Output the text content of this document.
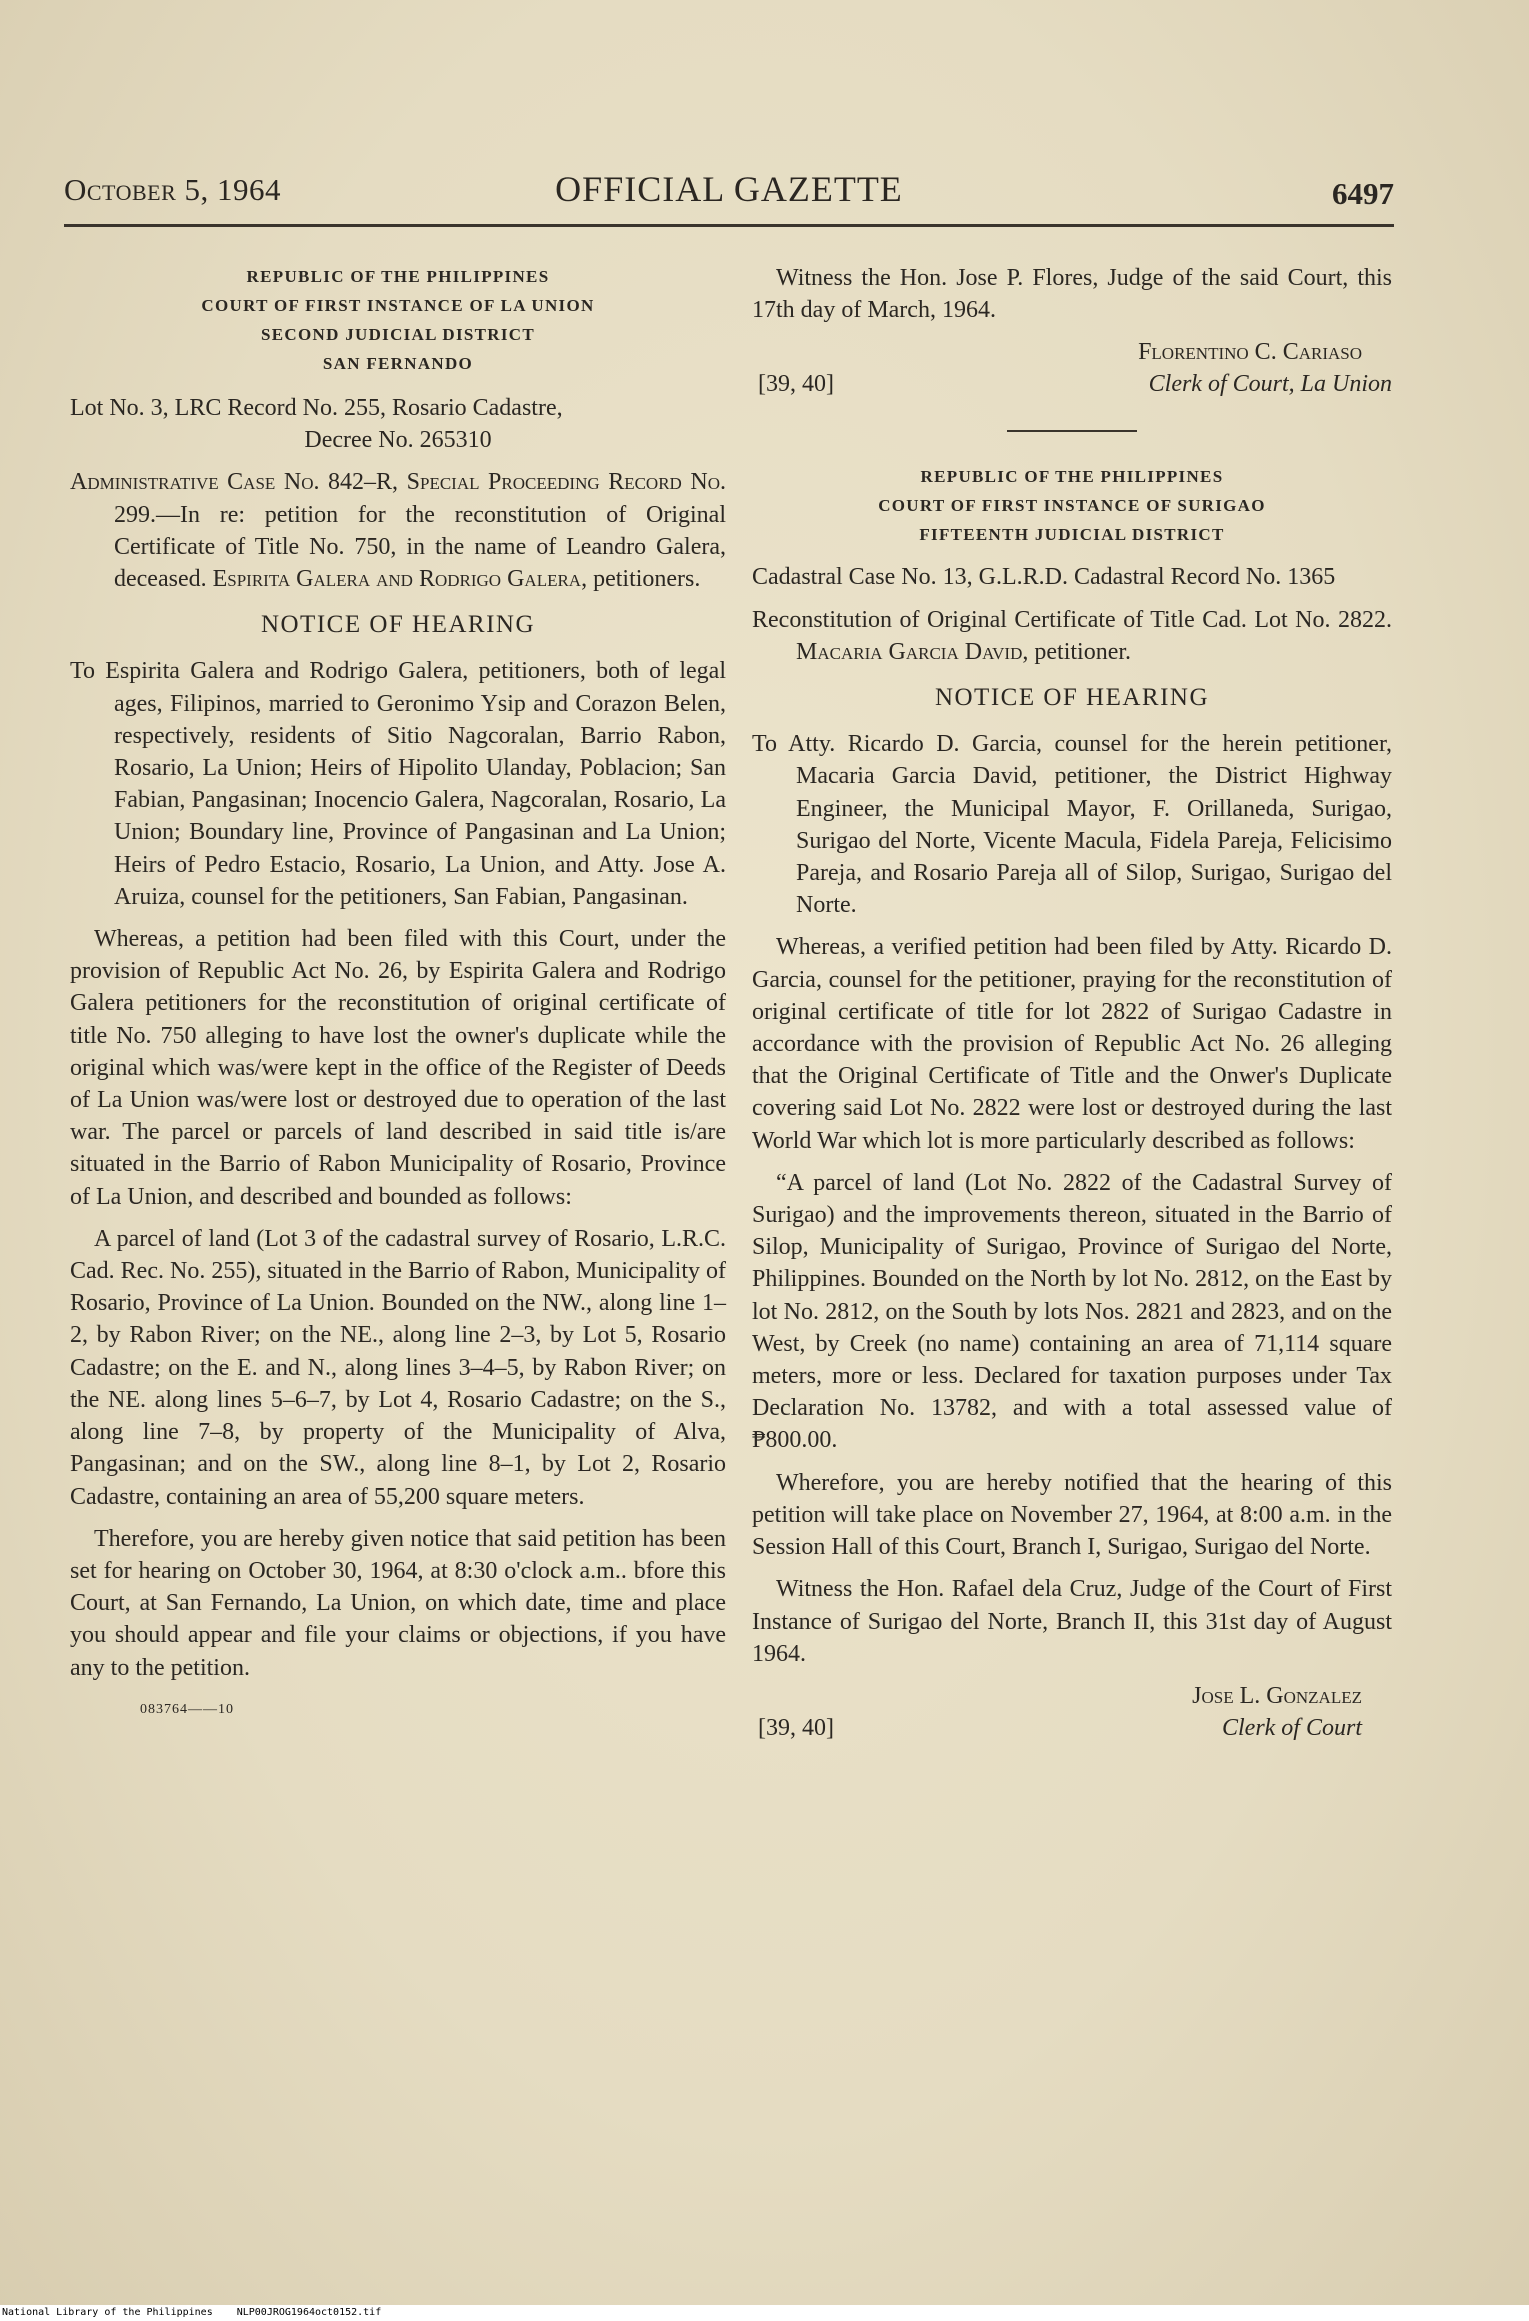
October 5, 1964	OFFICIAL GAZETTE	6497
REPUBLIC OF THE PHILIPPINES
COURT OF FIRST INSTANCE OF LA UNION
SECOND JUDICIAL DISTRICT
SAN FERNANDO
Lot No. 3, LRC Record No. 255, Rosario Cadastre,
Decree No. 265310

Administrative Case No. 842–R, Special Proceeding Record No. 299.—In re: petition for the reconstitution of Original Certificate of Title No. 750, in the name of Leandro Galera, deceased. Espirita Galera and Rodrigo Galera, petitioners.

NOTICE OF HEARING

To Espirita Galera and Rodrigo Galera, petitioners, both of legal ages, Filipinos, married to Geronimo Ysip and Corazon Belen, respectively, residents of Sitio Nagcoralan, Barrio Rabon, Rosario, La Union; Heirs of Hipolito Ulanday, Poblacion; San Fabian, Pangasinan; Inocencio Galera, Nagcoralan, Rosario, La Union; Boundary line, Province of Pangasinan and La Union; Heirs of Pedro Estacio, Rosario, La Union, and Atty. Jose A. Aruiza, counsel for the petitioners, San Fabian, Pangasinan.

Whereas, a petition had been filed with this Court, under the provision of Republic Act No. 26, by Espirita Galera and Rodrigo Galera petitioners for the reconstitution of original certificate of title No. 750 alleging to have lost the owner's duplicate while the original which was/were kept in the office of the Register of Deeds of La Union was/were lost or destroyed due to operation of the last war. The parcel or parcels of land described in said title is/are situated in the Barrio of Rabon Municipality of Rosario, Province of La Union, and described and bounded as follows:

A parcel of land (Lot 3 of the cadastral survey of Rosario, L.R.C. Cad. Rec. No. 255), situated in the Barrio of Rabon, Municipality of Rosario, Province of La Union. Bounded on the NW., along line 1–2, by Rabon River; on the NE., along line 2–3, by Lot 5, Rosario Cadastre; on the E. and N., along lines 3–4–5, by Rabon River; on the NE. along lines 5–6–7, by Lot 4, Rosario Cadastre; on the S., along line 7–8, by property of the Municipality of Alva, Pangasinan; and on the SW., along line 8–1, by Lot 2, Rosario Cadastre, containing an area of 55,200 square meters.

Therefore, you are hereby given notice that said petition has been set for hearing on October 30, 1964, at 8:30 o'clock a.m.. bfore this Court, at San Fernando, La Union, on which date, time and place you should appear and file your claims or objections, if you have any to the petition.

083764——10

Witness the Hon. Jose P. Flores, Judge of the said Court, this 17th day of March, 1964.

Florentino C. Cariaso
[39, 40]	Clerk of Court, La Union
REPUBLIC OF THE PHILIPPINES
COURT OF FIRST INSTANCE OF SURIGAO
FIFTEENTH JUDICIAL DISTRICT

Cadastral Case No. 13, G.L.R.D. Cadastral Record No. 1365

Reconstitution of Original Certificate of Title Cad. Lot No. 2822. Macaria Garcia David, petitioner.

NOTICE OF HEARING

To Atty. Ricardo D. Garcia, counsel for the herein petitioner, Macaria Garcia David, petitioner, the District Highway Engineer, the Municipal Mayor, F. Orillaneda, Surigao, Surigao del Norte, Vicente Macula, Fidela Pareja, Felicisimo Pareja, and Rosario Pareja all of Silop, Surigao, Surigao del Norte.

Whereas, a verified petition had been filed by Atty. Ricardo D. Garcia, counsel for the petitioner, praying for the reconstitution of original certificate of title for lot 2822 of Surigao Cadastre in accordance with the provision of Republic Act No. 26 alleging that the Original Certificate of Title and the Onwer's Duplicate covering said Lot No. 2822 were lost or destroyed during the last World War which lot is more particularly described as follows:

“A parcel of land (Lot No. 2822 of the Cadastral Survey of Surigao) and the improvements thereon, situated in the Barrio of Silop, Municipality of Surigao, Province of Surigao del Norte, Philippines. Bounded on the North by lot No. 2812, on the East by lot No. 2812, on the South by lots Nos. 2821 and 2823, and on the West, by Creek (no name) containing an area of 71,114 square meters, more or less. Declared for taxation purposes under Tax Declaration No. 13782, and with a total assessed value of ₱800.00.

Wherefore, you are hereby notified that the hearing of this petition will take place on November 27, 1964, at 8:00 a.m. in the Session Hall of this Court, Branch I, Surigao, Surigao del Norte.

Witness the Hon. Rafael dela Cruz, Judge of the Court of First Instance of Surigao del Norte, Branch II, this 31st day of August 1964.

Jose L. Gonzalez
[39, 40]	Clerk of Court
National Library of the Philippines NLP00JROG1964oct0152.tif
